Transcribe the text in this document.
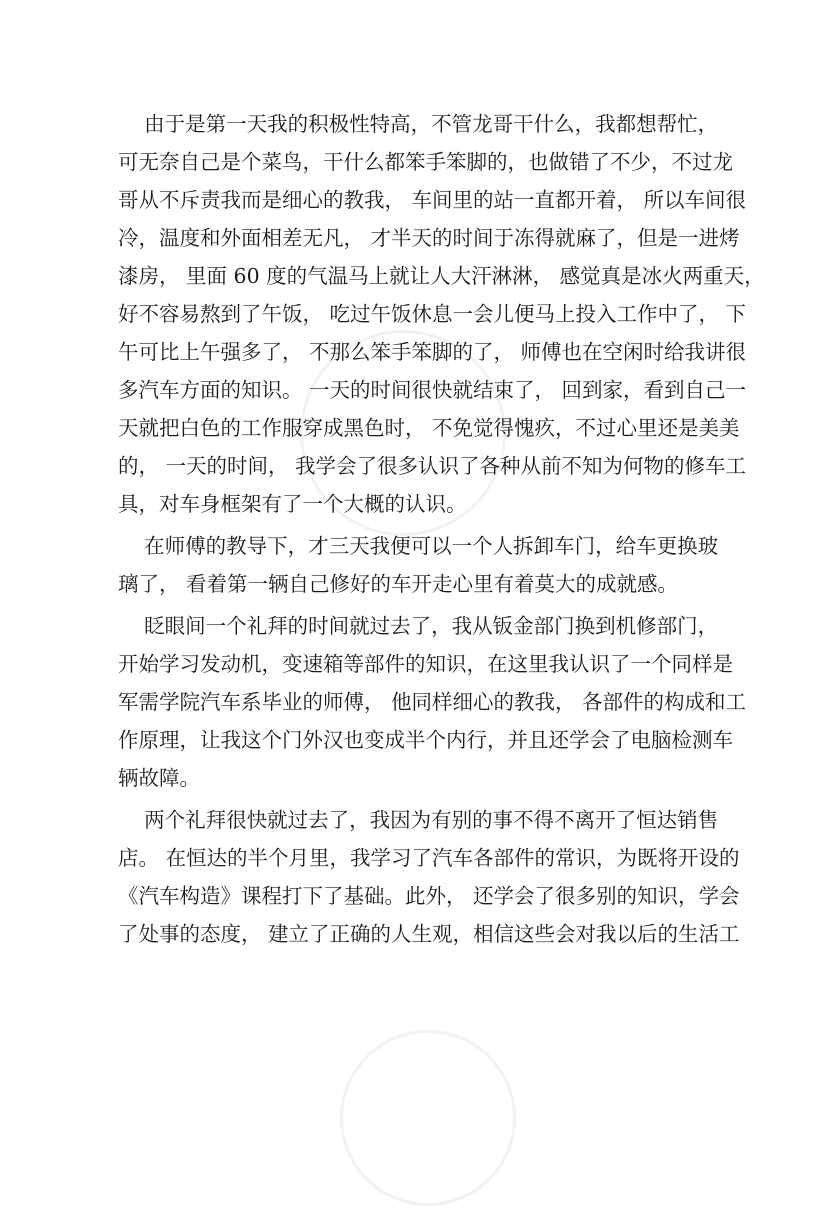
由于是第一天我的积极性特高，不管龙哥干什么，我都想帮忙，
可无奈自己是个菜鸟，干什么都笨手笨脚的，也做错了不少，不过龙
哥从不斥责我而是细心的教我， 车间里的站一直都开着， 所以车间很
冷，温度和外面相差无凡， 才半天的时间于冻得就麻了，但是一进烤
漆房， 里面 60 度的气温马上就让人大汗淋淋， 感觉真是冰火两重天，
好不容易熬到了午饭， 吃过午饭休息一会儿便马上投入工作中了， 下
午可比上午强多了， 不那么笨手笨脚的了， 师傅也在空闲时给我讲很
多汽车方面的知识。 一天的时间很快就结束了， 回到家，看到自己一
天就把白色的工作服穿成黑色时， 不免觉得愧疚，不过心里还是美美
的， 一天的时间， 我学会了很多认识了各种从前不知为何物的修车工
具，对车身框架有了一个大概的认识。
在师傅的教导下，才三天我便可以一个人拆卸车门，给车更换玻
璃了， 看着第一辆自己修好的车开走心里有着莫大的成就感。
眨眼间一个礼拜的时间就过去了，我从钣金部门换到机修部门，
开始学习发动机，变速箱等部件的知识，在这里我认识了一个同样是
军需学院汽车系毕业的师傅， 他同样细心的教我， 各部件的构成和工
作原理，让我这个门外汉也变成半个内行，并且还学会了电脑检测车
辆故障。
两个礼拜很快就过去了，我因为有别的事不得不离开了恒达销售
店。 在恒达的半个月里，我学习了汽车各部件的常识，为既将开设的
《汽车构造》课程打下了基础。此外， 还学会了很多别的知识，学会
了处事的态度， 建立了正确的人生观，相信这些会对我以后的生活工
